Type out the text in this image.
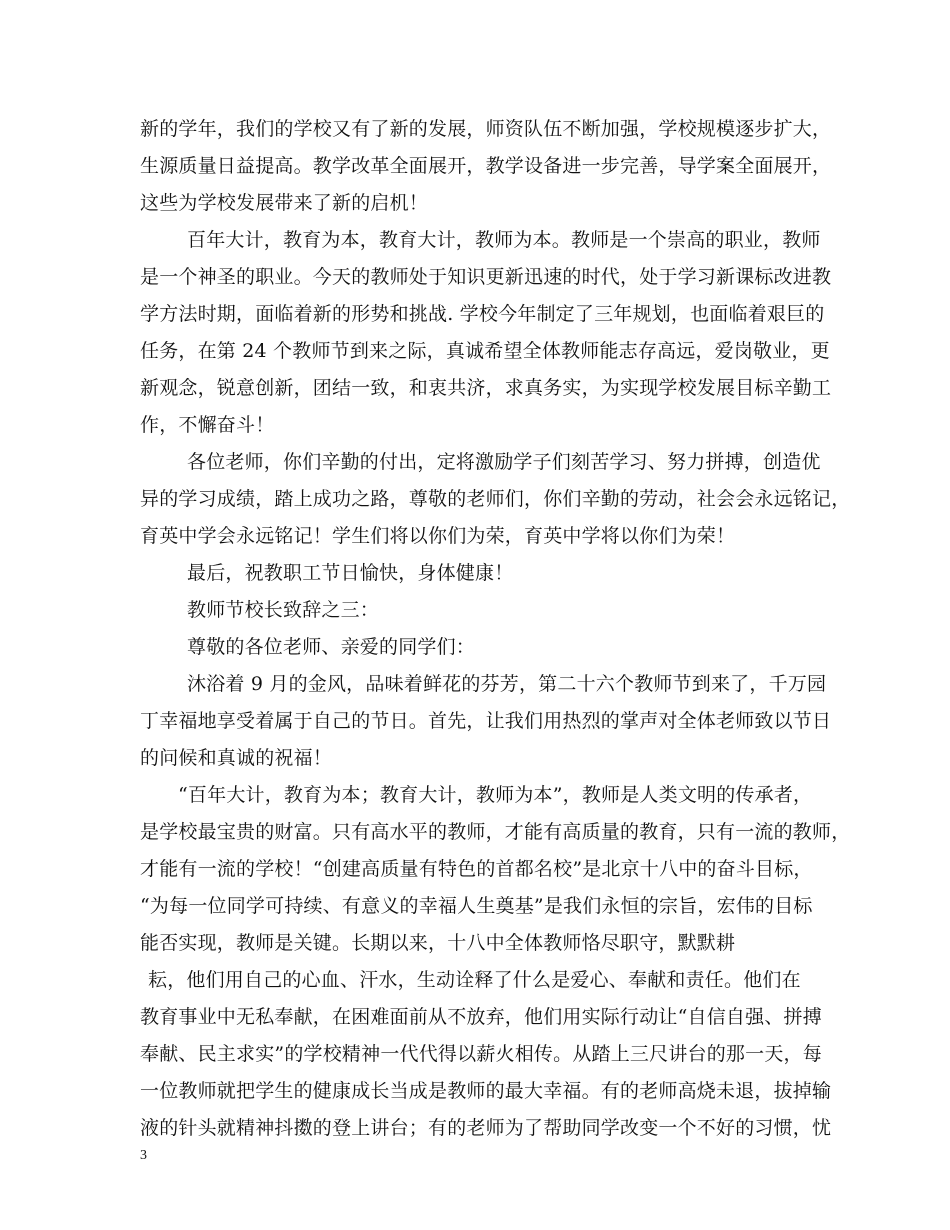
新的学年，我们的学校又有了新的发展，师资队伍不断加强，学校规模逐步扩大，
生源质量日益提高。教学改革全面展开，教学设备进一步完善，导学案全面展开，
这些为学校发展带来了新的启机！
百年大计，教育为本，教育大计，教师为本。教师是一个崇高的职业，教师
是一个神圣的职业。今天的教师处于知识更新迅速的时代，处于学习新课标改进教
学方法时期，面临着新的形势和挑战. 学校今年制定了三年规划，也面临着艰巨的
任务，在第 24 个教师节到来之际，真诚希望全体教师能志存高远，爱岗敬业，更
新观念，锐意创新，团结一致，和衷共济，求真务实，为实现学校发展目标辛勤工
作，不懈奋斗！
各位老师，你们辛勤的付出，定将激励学子们刻苦学习、努力拼搏，创造优
异的学习成绩，踏上成功之路，尊敬的老师们，你们辛勤的劳动，社会会永远铭记，
育英中学会永远铭记！学生们将以你们为荣，育英中学将以你们为荣！
最后，祝教职工节日愉快，身体健康！
教师节校长致辞之三：
尊敬的各位老师、亲爱的同学们：
沐浴着 9 月的金风，品味着鲜花的芬芳，第二十六个教师节到来了，千万园
丁幸福地享受着属于自己的节日。首先，让我们用热烈的掌声对全体老师致以节日
的问候和真诚的祝福！
“百年大计，教育为本；教育大计，教师为本”，教师是人类文明的传承者，
是学校最宝贵的财富。只有高水平的教师，才能有高质量的教育，只有一流的教师，
才能有一流的学校！“创建高质量有特色的首都名校”是北京十八中的奋斗目标，
“为每一位同学可持续、有意义的幸福人生奠基”是我们永恒的宗旨，宏伟的目标
能否实现，教师是关键。长期以来，十八中全体教师恪尽职守，默默耕
耘，他们用自己的心血、汗水，生动诠释了什么是爱心、奉献和责任。他们在
教育事业中无私奉献，在困难面前从不放弃，他们用实际行动让“自信自强、拼搏
奉献、民主求实”的学校精神一代代得以薪火相传。从踏上三尺讲台的那一天，每
一位教师就把学生的健康成长当成是教师的最大幸福。有的老师高烧未退，拔掉输
液的针头就精神抖擞的登上讲台；有的老师为了帮助同学改变一个不好的习惯，忧
3
